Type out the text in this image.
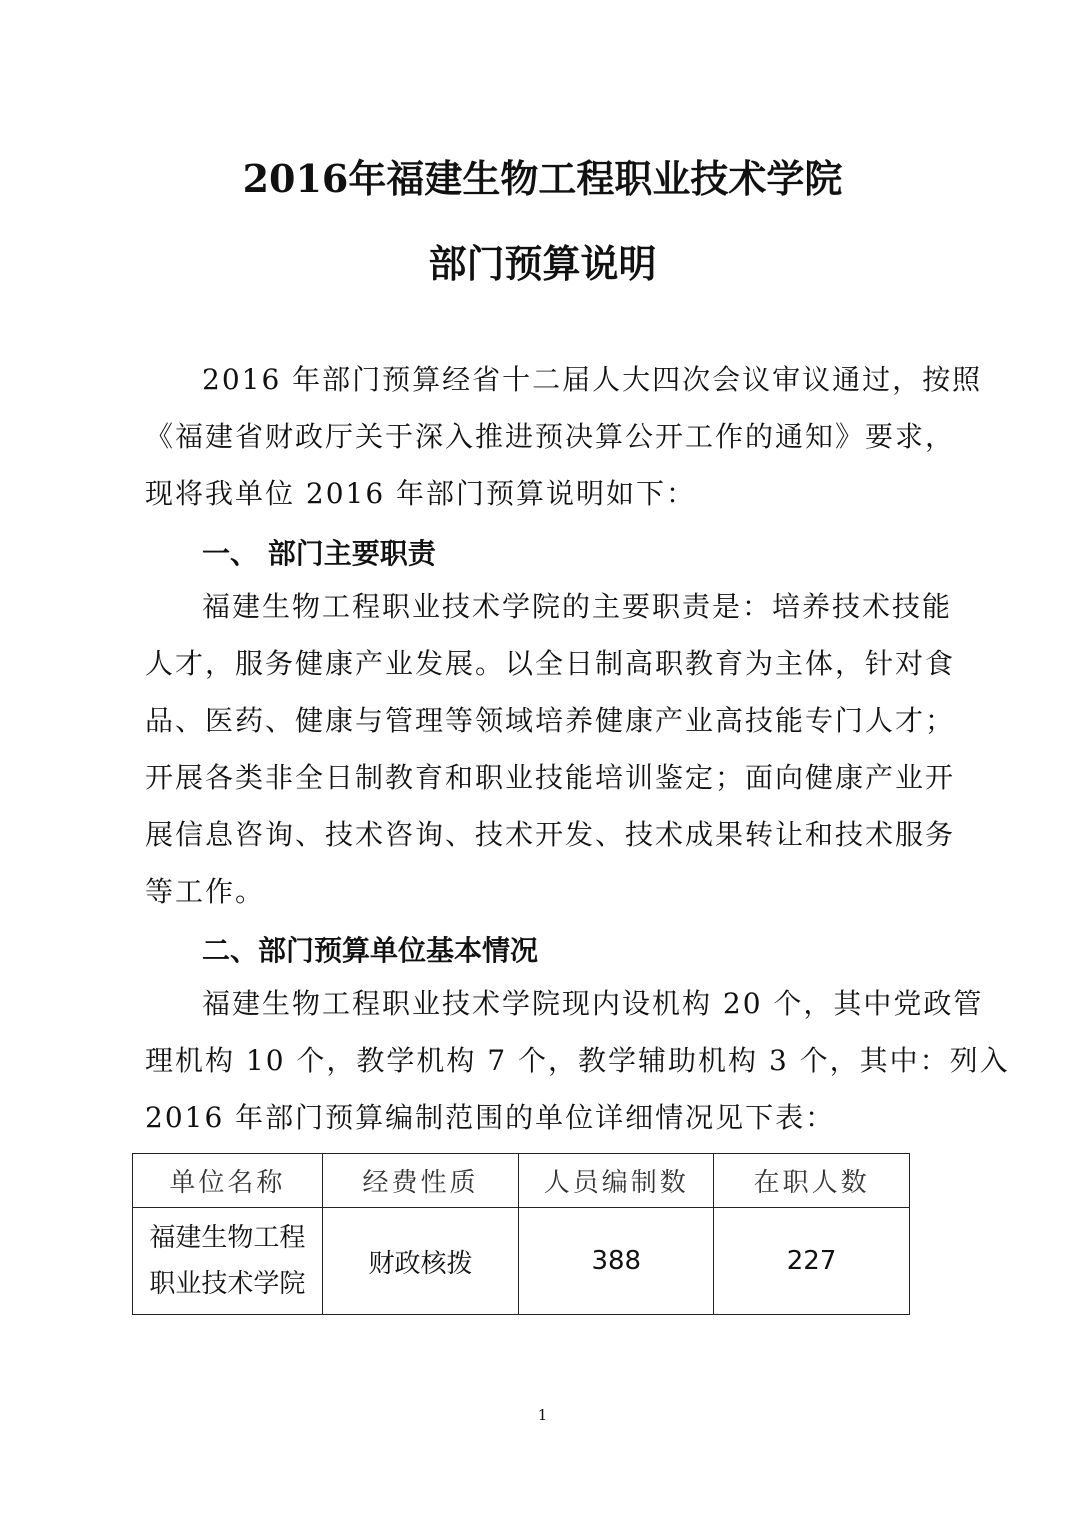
2016年福建生物工程职业技术学院
部门预算说明
2016 年部门预算经省十二届人大四次会议审议通过，按照
《福建省财政厅关于深入推进预决算公开工作的通知》要求，
现将我单位 2016 年部门预算说明如下：
一、 部门主要职责
福建生物工程职业技术学院的主要职责是：培养技术技能
人才，服务健康产业发展。以全日制高职教育为主体，针对食
品、医药、健康与管理等领域培养健康产业高技能专门人才；
开展各类非全日制教育和职业技能培训鉴定；面向健康产业开
展信息咨询、技术咨询、技术开发、技术成果转让和技术服务
等工作。
二、部门预算单位基本情况
福建生物工程职业技术学院现内设机构 20 个，其中党政管
理机构 10 个，教学机构 7 个，教学辅助机构 3 个，其中：列入
2016 年部门预算编制范围的单位详细情况见下表：
单位名称	经费性质	人员编制数	在职人数

福建生物工程
职业技术学院	财政核拨	388	227
1
